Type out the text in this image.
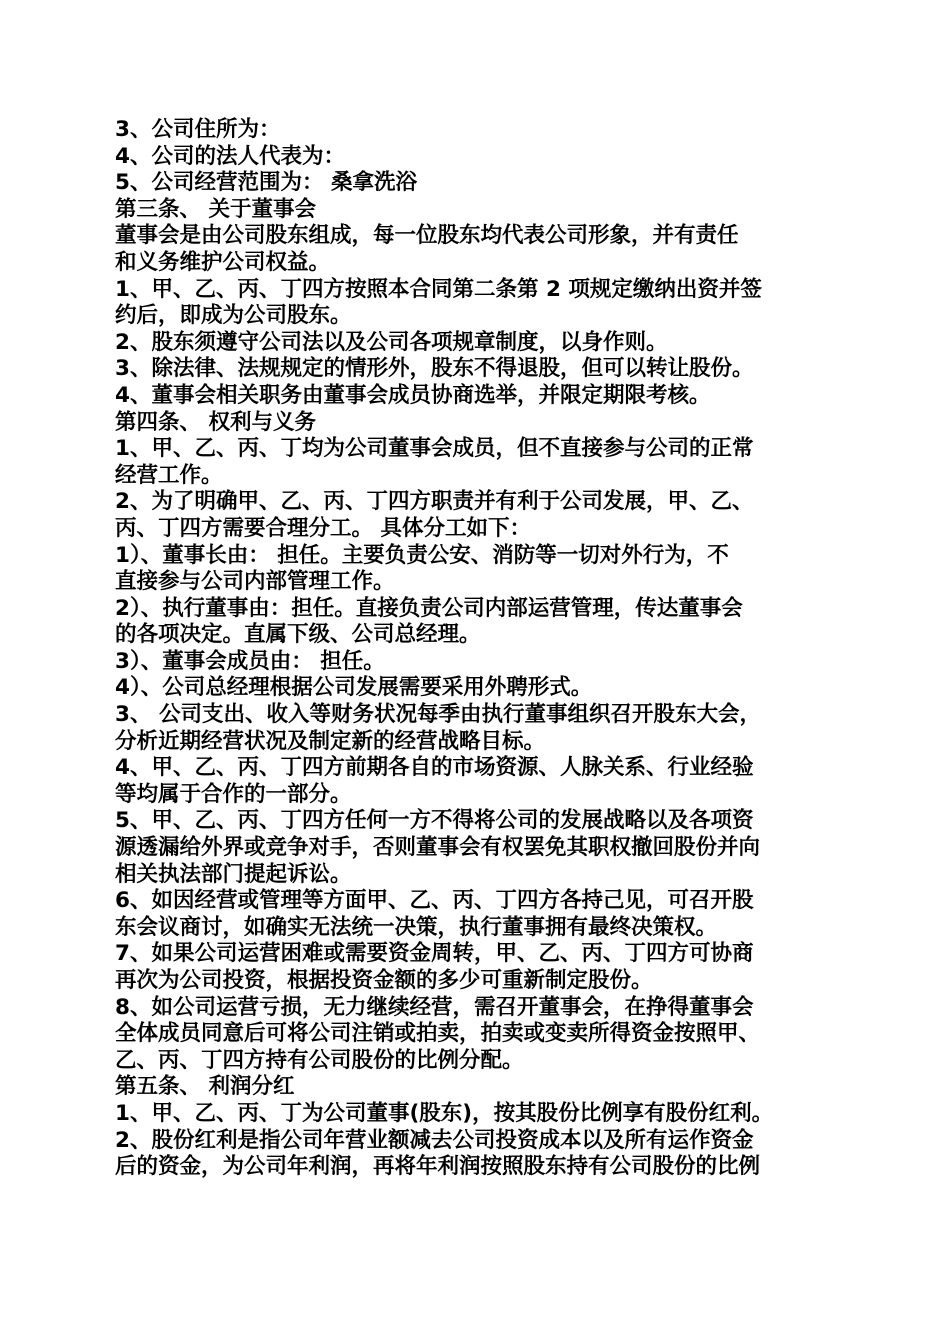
3、公司住所为：

4、公司的法人代表为：

5、公司经营范围为： 桑拿洗浴

第三条、 关于董事会

董事会是由公司股东组成，每一位股东均代表公司形象，并有责任

和义务维护公司权益。

1、甲、乙、丙、丁四方按照本合同第二条第 2 项规定缴纳出资并签

约后，即成为公司股东。

2、股东须遵守公司法以及公司各项规章制度，以身作则。

3、除法律、法规规定的情形外，股东不得退股，但可以转让股份。

4、董事会相关职务由董事会成员协商选举，并限定期限考核。

第四条、 权利与义务

1、甲、乙、丙、丁均为公司董事会成员，但不直接参与公司的正常

经营工作。

2、为了明确甲、乙、丙、丁四方职责并有利于公司发展，甲、乙、

丙、丁四方需要合理分工。 具体分工如下：

1）、董事长由： 担任。主要负责公安、消防等一切对外行为，不

直接参与公司内部管理工作。

2）、执行董事由：担任。直接负责公司内部运营管理，传达董事会

的各项决定。直属下级、公司总经理。

3）、董事会成员由： 担任。

4）、公司总经理根据公司发展需要采用外聘形式。

3、 公司支出、收入等财务状况每季由执行董事组织召开股东大会，

分析近期经营状况及制定新的经营战略目标。

4、甲、乙、丙、丁四方前期各自的市场资源、人脉关系、行业经验

等均属于合作的一部分。

5、甲、乙、丙、丁四方任何一方不得将公司的发展战略以及各项资

源透漏给外界或竞争对手，否则董事会有权罢免其职权撤回股份并向

相关执法部门提起诉讼。

6、如因经营或管理等方面甲、乙、丙、丁四方各持己见，可召开股

东会议商讨，如确实无法统一决策，执行董事拥有最终决策权。

7、如果公司运营困难或需要资金周转，甲、乙、丙、丁四方可协商

再次为公司投资，根据投资金额的多少可重新制定股份。

8、如公司运营亏损，无力继续经营，需召开董事会，在挣得董事会

全体成员同意后可将公司注销或拍卖，拍卖或变卖所得资金按照甲、

乙、丙、丁四方持有公司股份的比例分配。

第五条、 利润分红

1、甲、乙、丙、丁为公司董事(股东)，按其股份比例享有股份红利。

2、股份红利是指公司年营业额减去公司投资成本以及所有运作资金

后的资金，为公司年利润，再将年利润按照股东持有公司股份的比例
